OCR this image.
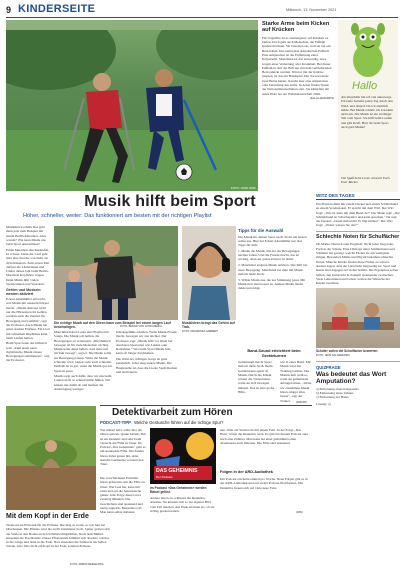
9 KINDERSEITE	Mittwoch, 13. November 2021
FOTO: JOHN HAFF
Starke Arme beim Kicken auf Krücken
Für Ungeübte ist es anstrengend, auf Krücken zu laufen. Doch geht auch Menschen, die Fußball spielen möchten. Sie brauchen sie, weil sie nur ein Bein haben. Das nennt man Amputierten-Fußball. Eine Amputation ist die Entfernung eines Körperteils. Manchmal ist das notwendig, etwa wegen einer Verletzung oder Krankheit. Bei dieser Fußballart darf der Ball nur mit dem verbleibenden Bein gekickt werden. Wird er mit der Krücke gespielt, ist das ein Handspiel. Der Torwart muss zwei Beine haben, braucht aber eine Amputation oder Verletzung des Arms. In Asien finden Spiele der Nationalmannschaften statt. Sie kämpften um einen Platz bei der Weltmeisterschaft 2026.
(ELLA HANIAMPS)
Hallo
Als Wauchbär bin ich viel unterwegs. Ich laufe beinahe jeden Tag durch den Wald, und danach bin ich ziemlich müde. Bei Musik schlafe ich trotzdem nicht ein. Die Musik ist ein wichtiger Teil vom Sport. Sie hilft beim Laufen und gibt Kraft. Hört ihr beim Sport auch gern Musik?
Viel Spaß beim Lesen wünscht Euch Euer Racker
Musik hilft beim Sport
Höher, schneller, weiter: Das funktioniert am besten mit der richtigen Playlist

Musikhören erhöht Das geht dann jetzt zum Beispiel mit einem Berlin-Marathon. Aber warum? Wie kann Musik uns beim Sport unterstützen?

Einen Marathon durchzulaufen, ist schwer. Denn der Lauf geht über eine Strecke von mehr als 40 Kilometern. Zum ersten Mal durften die Läuferinnen und Läufer dieses Jahr beim Berlin-Marathon Kopfhörer tragen. Denn Musik hilft vielen Sportlerinnen und Sportlern.

Gehirn und Muskeln werden aktiviert

Eckart Altenmüller erforscht, was Musik mit unserem Körper macht. „Musik aktiviert nicht nur die Hörzentren im Gehirn, sondern auch die Zentren für Bewegung und Gefühle“, sagt der Professor. Auch Musik hat einen starken Einfluss. Ein Lied mit schnellem Rhythmus kann beim Laufen helfen.

Beim Sport kann das hilfreich sein. „Zum einen kann rhythmische Musik unsere Bewegungen stabilisieren“, sagt der Professor.

Die richtige Musik auf den Ohren kann zum Beispiel bei einem langen Lauf beschwingen.	FOTO: BERND VON JUTRCZENKA

Manchmal haben Leute eine Playlist mit Songs. Die Musik soll helfen, die Bewegungen zu verbessern. „Rhythmisch bewegen ist für viele Menschen wichtig. Musik kann dabei helfen, dass man sich im Takt bewegt“, sagt er. Die Musik sollte zur Bewegung passen. Wenn die Musik schneller wird, laufen viele auch schneller. Deshalb ist es gut, wenn die Musik gut zur Sportart passt.

Musik sorgt auch dafür, dass wir uns beim Laufen nicht so schnell müde fühlen. Wir lenken uns damit ab und merken die Anstrengung weniger.

Glücksgefühle erhöhen. Wenn Musik Freude macht, bewegen wir uns leichter. Der Professor sagt: „Musik hilft vor allem bei Ausdauer-Sportarten wie Laufen oder Radfahren.“ Wer beim Sport Musik hört, kann oft länger durchhalten.

Die Wahl der richtigen Songs ist ganz persönlich. Jeder mag andere Musik. Die Hauptsache ist, dass die Lieder Spaß machen und motivieren.

Musikhören bringt das Gehirn auf Trab.
FOTO: FRANZISKA GABBERT
Tipps für die Auswahl
Die Musik für deinen Sport sucht du dir am besten selbst aus. Hier hat Eckart Altenmüller nur drei Tipps für dich:
1. Musik die Musik, mit der die Bewegungen leichter fallen. Und die Freude macht, das ist wichtig, denn der ganze Körper ist dabei.
2. Manchmal anderen Musik anhören. Das hilft bei einer Bewegung. Manchmal hat man mit Musik einfach mehr Kraft.
3. Wähle Musik aus, die zur Stimmung passt. Mit Musik hört man besser zu. Andere Musik macht müde und ruhig.
Band-Sound erleichtert beim Geräteturnen
Gemeinsam macht Sport einfach mehr Spaß. Beim Geräteturnen spielt oft Musik. Durch die Musik wissen die Turnerinnen, wann sie sich bewegen müssen. Das ist eine große Hilfe.
wie in einer Band. Mit Musik wird das Training leichter. Die Mannschaft weiß so, wann sie gemeinsam anfangen muss. „Wenn wir zusammen Musik hören, klappt alles besser“, sagt der Trainer.	(DPA/AP)
WITZ DES TAGES
Ein Mann kommt mit einem Dackel und einem Schäferhund zu einem Vereinslokal. Er spricht mit dem Wirt. Der Wirt fragt: „Was ist denn mit dem Hund da?“ Der Mann sagt: „Der Schäferhund ist Schachspieler und kann sprechen.“ Da sagt der Dackel: „Glaub ihm nicht! Er lügt immer!“ Der Wirt fragt: „Woher wissen Sie das?“
Schlechte Noten für Schulfächer
Ob Mathe, Deutsch oder Englisch: Nicht jeder mag jedes Fach in der Schule. Eine Umfrage unter Schülerinnen und Schülern hat gezeigt, welche Fächer sie am wenigsten mögen. Besonders Mathe und Physik bekamen schlechte Noten. Manche Kinder finden diese Fächer zu schwer. Andere sagen, dass der Unterricht langweilig ist. Sport und Kunst sind dagegen bei vielen beliebt. Die Ergebnisse sollen helfen, den Unterricht in Zukunft spannender zu machen. Viele Lehrerinnen und Lehrer wollen die Wünsche der Kinder beachten.
Schüler sollen die Schulfächer bewerten.
FOTO: JENS KALAENE/DPA
QUIZFRAGE
Was bedeutet das Wort Amputation?
a) Entfernung eines Körperteils
b) Entfernung eines Zahnes
c) Entfernung der Haare
Lösung: a)
Detektivarbeit zum Hören
PODCAST-TIPP Welche Geräusche führen auf die richtige Spur?
Wer Rätsel liebt, sollte hier die Ohren spitzen. Quinn Dennis Tim ist ein Detektiv und sein Team versucht die Fälle zu lösen. Im Podcast „Das Geheimnis“ geht es um spannende Fälle. Die Kinder hören dabei genau hin, denn manche Geräusche verraten den Täter.
Die verschiedenen Ermittler hören genau hin, um die Fälle zu lösen. Wer Lust hat, kann mit raten und auf die Spurensuche gehen. Jede Folge dauert etwa zwanzig Minuten. Die Geschichten sind spannend und lustig zugleich. Besonders toll: Man kann selbst mitraten.
DAS GEHEIMNIS
Der Podcast
Im Podcast »Das Geheimnis« werden Rätsel gelöst.
Andere hören zu, während die Detektive arbeiten. Sie können sich so ein eigenes Bild vom Fall machen. Am Ende erfahren sie, ob sie richtig geraten haben.
nen. Oder ein Sturm tobt mit einem Fehl. In der Folge „Das Haus“ hören die Detektive nach. Es gibt bei diesem Podcast aber noch eine Zuhörer. Man kann bei einer geheimnisvollen Abenteuern auch mitraten. Die Fälle sind spannend.
Folgen in der ARD-Audiothek
Der Podcast erscheint einmal pro Woche. Neue Folgen gibt es in der ARD-Audiothek und auf vielen Podcast-Plattformen. Die Detektive freuen sich auf viele neue Fans.
(DPA)
Mit dem Kopf in der Erde
Vielerorts ist Erntezeit für die Erdnuss. Die mag es warm, so wie hier bei Oberhausen. Die Pflanze wird bis zu 60 Zentimeter hoch. Später graben sich die Stiele in den Boden zu den Schmetterlingsblüten. Nach dem Blühen entstehen die Fruchtstiele. Dieser Pflanzenteil krümmt sich abwärts, wächst in die Länge und dann in die Erde. Dort entstehen die Samen in der hellen Schale. Also bitte nicht ein Kopf in der Erde, sondern Erdnuss.
FOTO: ARMIN WEIGEL/DPA
